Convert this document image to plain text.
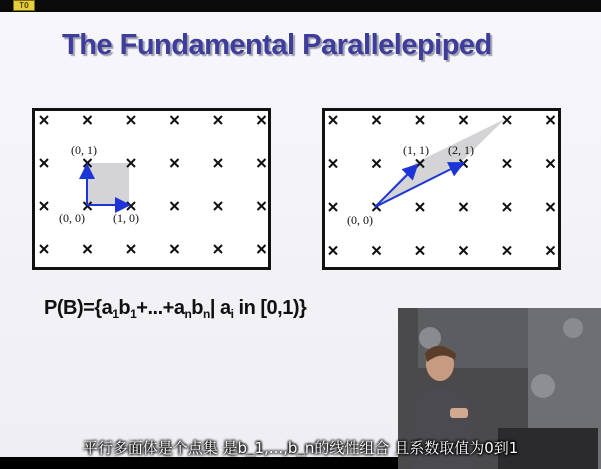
TO
The Fundamental Parallelepiped
(0, 1)
(0, 0) (1, 0)
(1, 1) (2, 1)
(0, 0)
$P(B)=\{a_1b_1+...+a_nb_n|$ $a_i$ in [0,1)}
平行多面体是个点集 是b_1,...,b_n的线性组合 且系数取值为0到1
